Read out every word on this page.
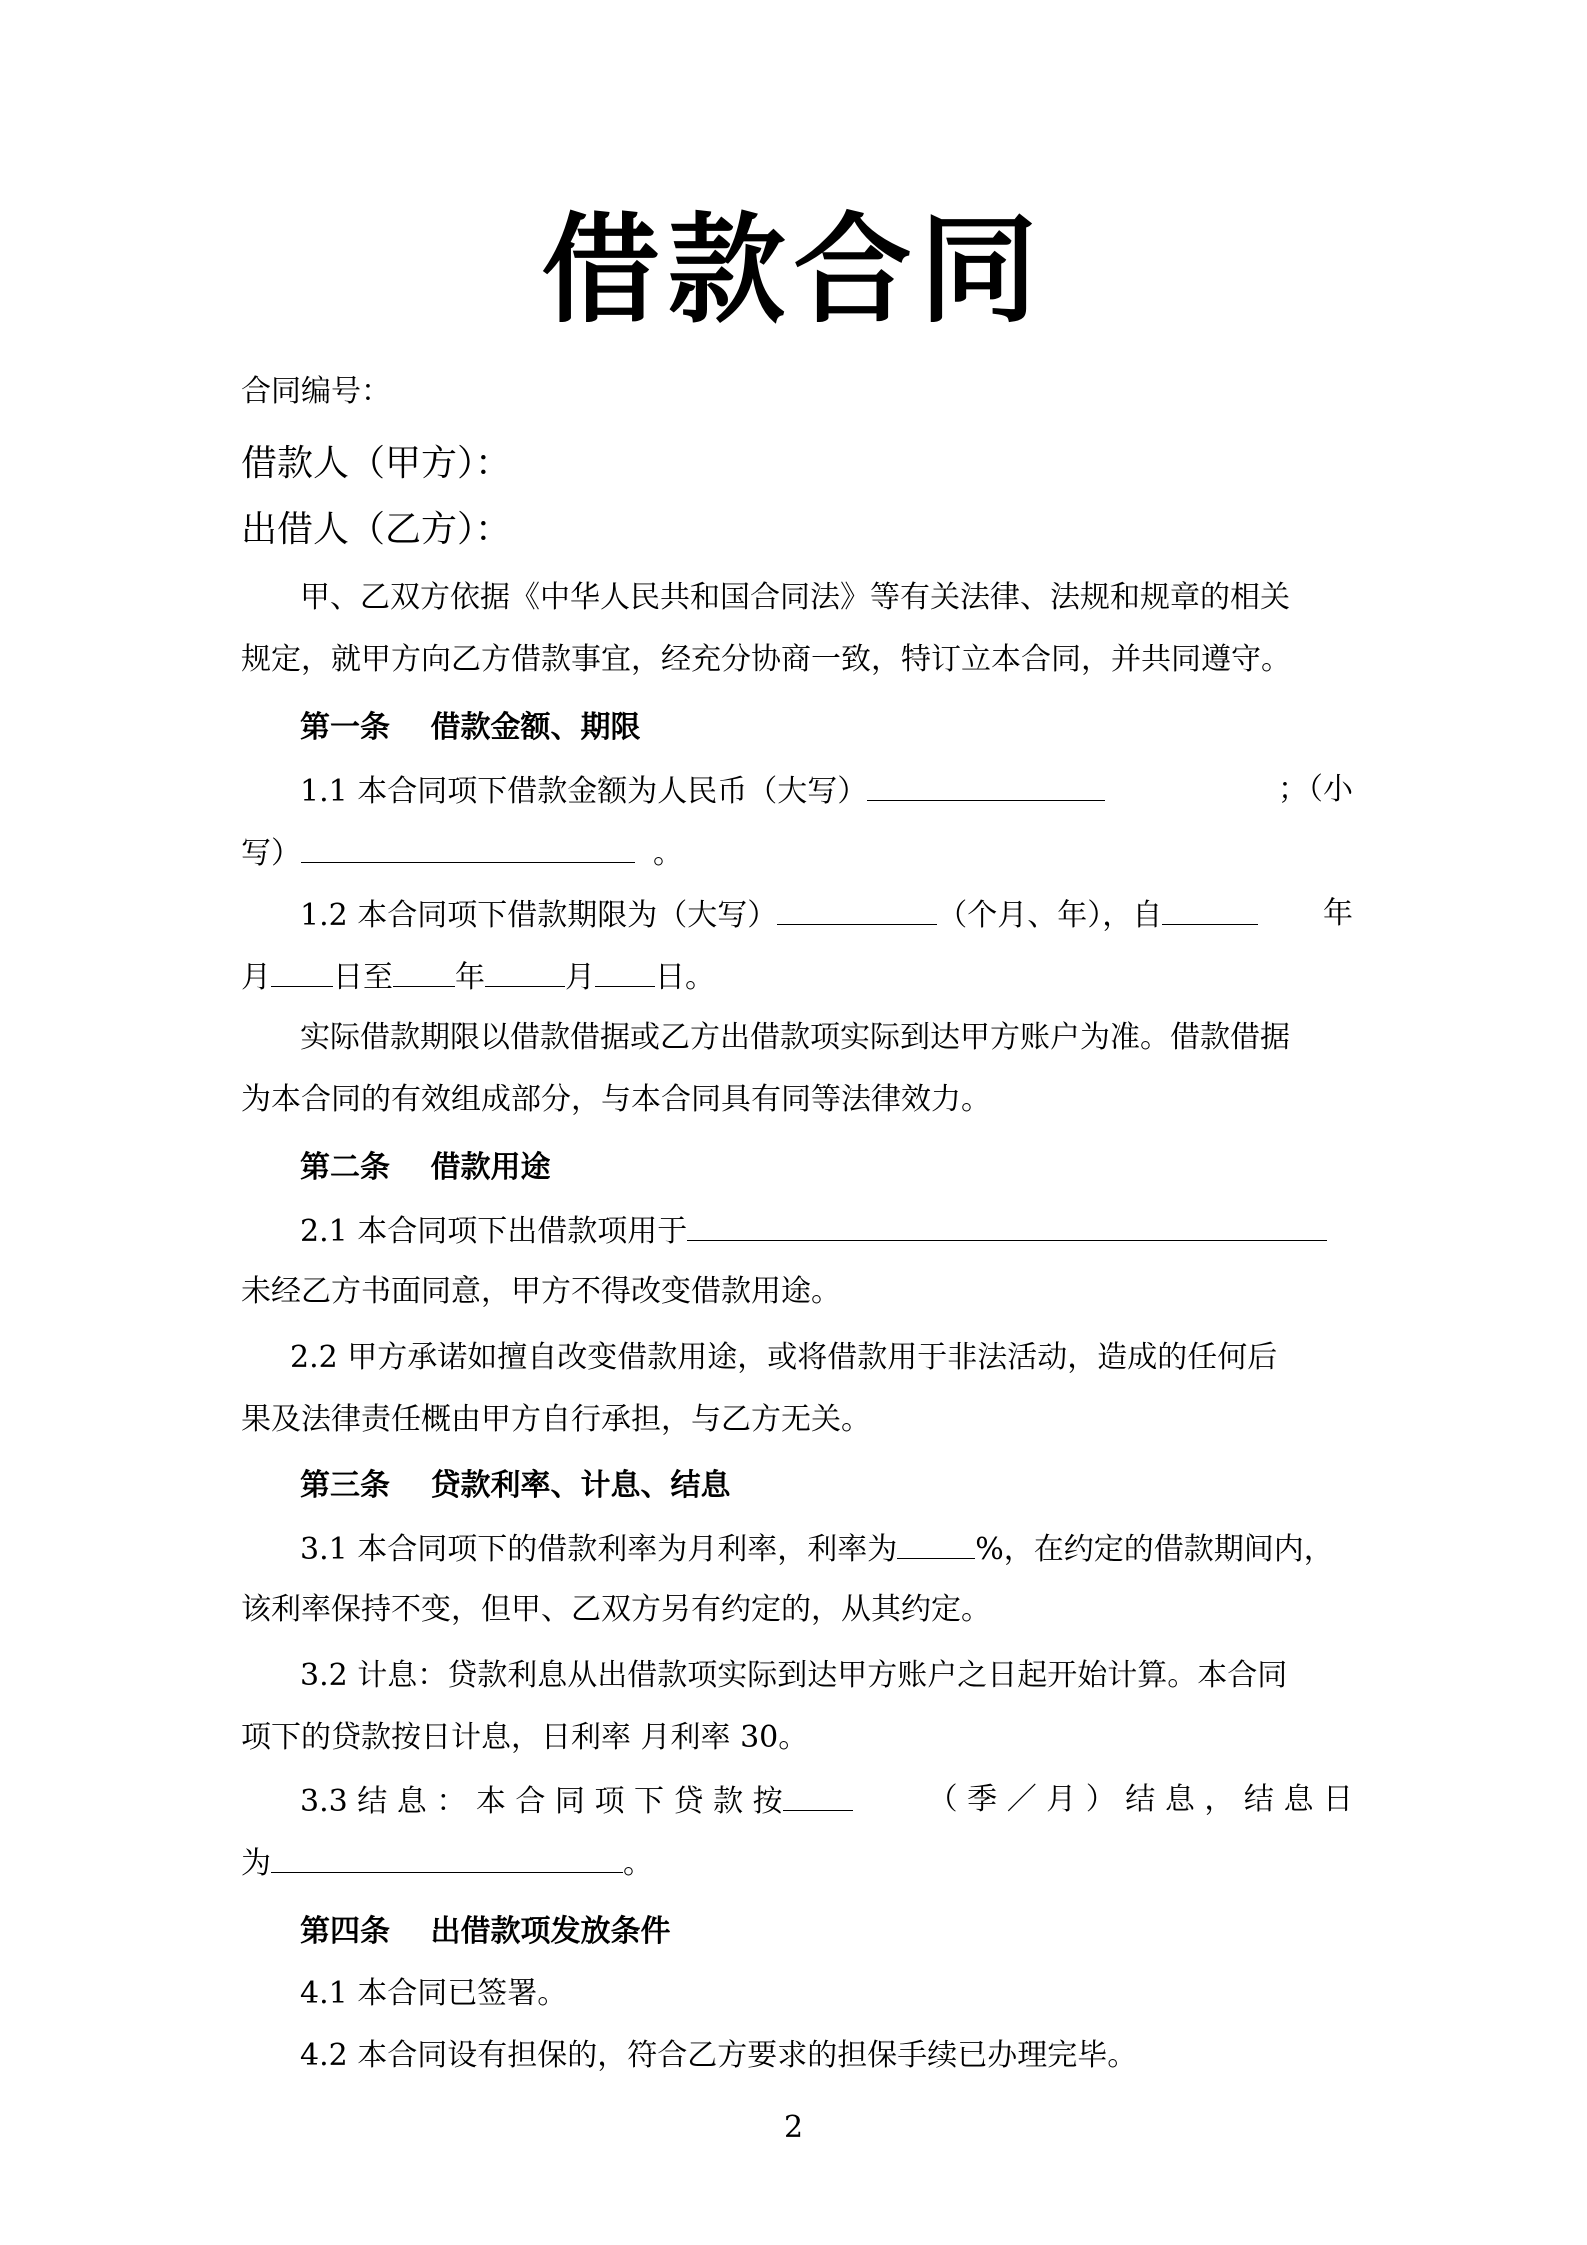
借款合同

合同编号：

借款人（甲方）：

出借人（乙方）：

甲、乙双方依据《中华人民共和国合同法》等有关法律、法规和规章的相关

规定，就甲方向乙方借款事宜，经充分协商一致，特订立本合同，并共同遵守。

第一条　 借款金额、期限

1.1 本合同项下借款金额为人民币（大写）	；（小

写）	。

1.2 本合同项下借款期限为（大写）	（个月、年），自	年

月 日至 年	月 日。

实际借款期限以借款借据或乙方出借款项实际到达甲方账户为准。借款借据

为本合同的有效组成部分，与本合同具有同等法律效力。

第二条　 借款用途

2.1 本合同项下出借款项用于

未经乙方书面同意，甲方不得改变借款用途。

2.2 甲方承诺如擅自改变借款用途，或将借款用于非法活动，造成的任何后

果及法律责任概由甲方自行承担，与乙方无关。

第三条　 贷款利率、计息、结息

3.1 本合同项下的借款利率为月利率，利率为	%，在约定的借款期间内，

该利率保持不变，但甲、乙双方另有约定的，从其约定。

3.2 计息：贷款利息从出借款项实际到达甲方账户之日起开始计算。本合同

项下的贷款按日计息，日利率 月利率 30。

3.3 结 息 ： 本 合 同 项 下 贷 款 按	（ 季 ／ 月 ） 结 息 ， 结 息 日

为	。

第四条　 出借款项发放条件

4.1 本合同已签署。

4.2 本合同设有担保的，符合乙方要求的担保手续已办理完毕。

2
